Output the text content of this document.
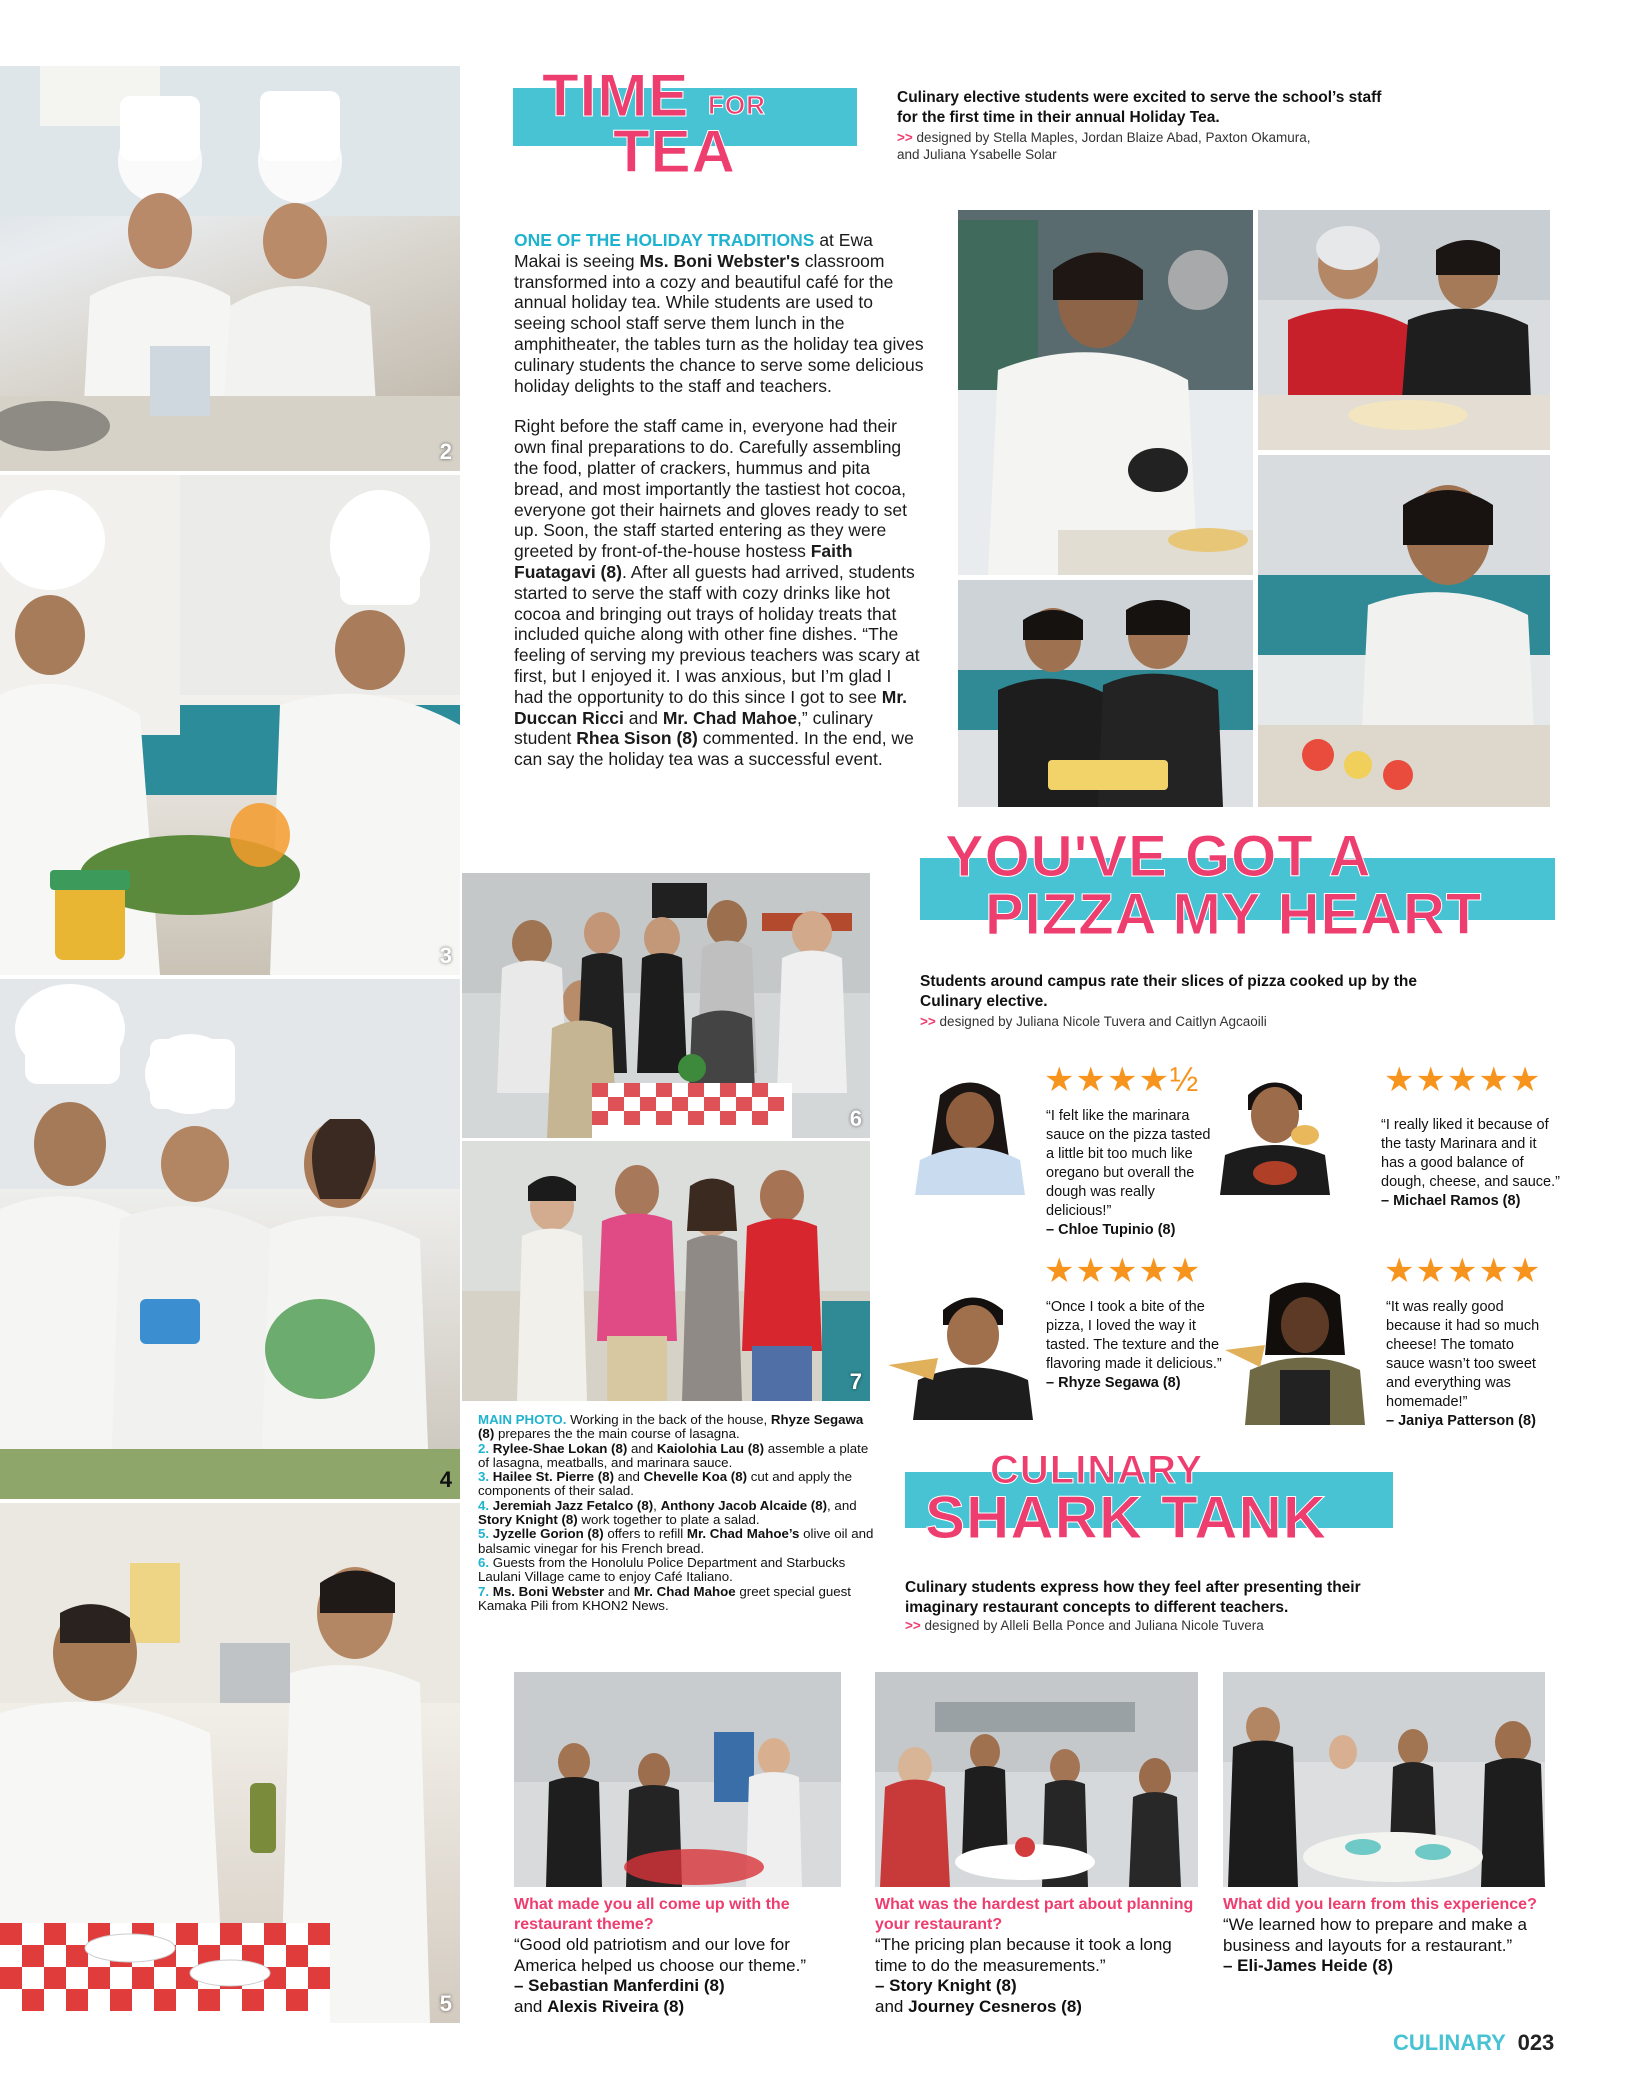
2
3
4
5
TIME FOR
TEA
Culinary elective students were excited to serve the school’s staff for the first time in their annual Holiday Tea.
>> designed by Stella Maples, Jordan Blaize Abad, Paxton Okamura, and Juliana Ysabelle Solar

ONE OF THE HOLIDAY TRADITIONS at Ewa Makai is seeing Ms. Boni Webster's classroom transformed into a cozy and beautiful café for the annual holiday tea. While students are used to seeing school staff serve them lunch in the amphitheater, the tables turn as the holiday tea gives culinary students the chance to serve some delicious holiday delights to the staff and teachers.

Right before the staff came in, everyone had their own final preparations to do. Carefully assembling the food, platter of crackers, hummus and pita bread, and most importantly the tastiest hot cocoa, everyone got their hairnets and gloves ready to set up. Soon, the staff started entering as they were greeted by front-of-the-house hostess Faith Fuatagavi (8). After all guests had arrived, students started to serve the staff with cozy drinks like hot cocoa and bringing out trays of holiday treats that included quiche along with other fine dishes. “The feeling of serving my previous teachers was scary at first, but I enjoyed it. I was anxious, but I’m glad I had the opportunity to do this since I got to see Mr. Duccan Ricci and Mr. Chad Mahoe,” culinary student Rhea Sison (8) commented. In the end, we can say the holiday tea was a successful event.

6
7
MAIN PHOTO. Working in the back of the house, Rhyze Segawa (8) prepares the the main course of lasagna.
2. Rylee-Shae Lokan (8) and Kaiolohia Lau (8) assemble a plate of lasagna, meatballs, and marinara sauce.
3. Hailee St. Pierre (8) and Chevelle Koa (8) cut and apply the components of their salad.
4. Jeremiah Jazz Fetalco (8), Anthony Jacob Alcaide (8), and Story Knight (8) work together to plate a salad.
5. Jyzelle Gorion (8) offers to refill Mr. Chad Mahoe’s olive oil and balsamic vinegar for his French bread.
6. Guests from the Honolulu Police Department and Starbucks Laulani Village came to enjoy Café Italiano.
7. Ms. Boni Webster and Mr. Chad Mahoe greet special guest Kamaka Pili from KHON2 News.
YOU'VE GOT A
PIZZA MY HEART
Students around campus rate their slices of pizza cooked up by the Culinary elective.
>> designed by Juliana Nicole Tuvera and Caitlyn Agcaoili
★★★★½
“I felt like the marinara sauce on the pizza tasted a little bit too much like oregano but overall the dough was really delicious!”
– Chloe Tupinio (8)
★★★★★
“I really liked it because of the tasty Marinara and it has a good balance of dough, cheese, and sauce.”
– Michael Ramos (8)
★★★★★
“Once I took a bite of the pizza, I loved the way it tasted. The texture and the flavoring made it delicious.”
– Rhyze Segawa (8)
★★★★★
“It was really good because it had so much cheese! The tomato sauce wasn’t too sweet and everything was homemade!”
– Janiya Patterson (8)
CULINARY
SHARK TANK
Culinary students express how they feel after presenting their imaginary restaurant concepts to different teachers.
>> designed by Alleli Bella Ponce and Juliana Nicole Tuvera
What made you all come up with the restaurant theme?
“Good old patriotism and our love for America helped us choose our theme.”
– Sebastian Manferdini (8)
and Alexis Riveira (8)
What was the hardest part about planning your restaurant?
“The pricing plan because it took a long time to do the measurements.”
– Story Knight (8)
and Journey Cesneros (8)
What did you learn from this experience?
“We learned how to prepare and make a business and layouts for a restaurant.”
– Eli-James Heide (8)
CULINARY 023
